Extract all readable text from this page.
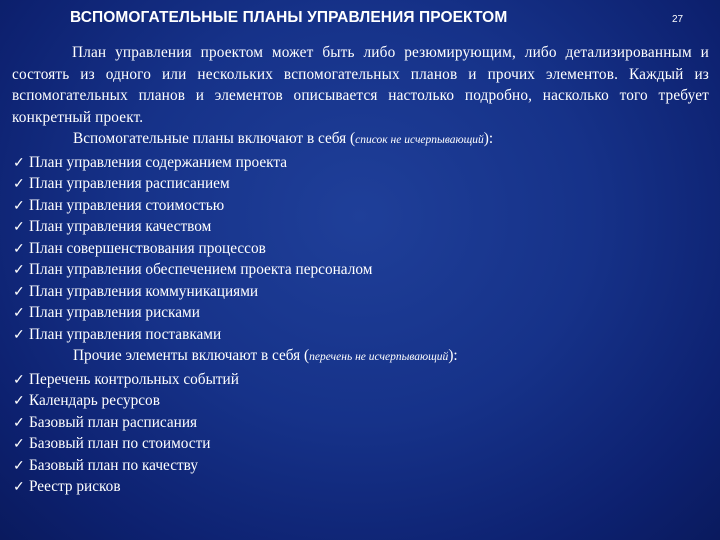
ВСПОМОГАТЕЛЬНЫЕ ПЛАНЫ УПРАВЛЕНИЯ ПРОЕКТОМ	27

План управления проектом может быть либо резюмирующим, либо детализированным и состоять из одного или нескольких вспомогательных планов и прочих элементов. Каждый из вспомогательных планов и элементов описывается настолько подробно, насколько того требует конкретный проект.

Вспомогательные планы включают в себя (список не исчерпывающий):

✓ План управления содержанием проекта
✓ План управления расписанием
✓ План управления стоимостью
✓ План управления качеством
✓ План совершенствования процессов
✓ План управления обеспечением проекта персоналом
✓ План управления коммуникациями
✓ План управления рисками
✓ План управления поставками

Прочие элементы включают в себя (перечень не исчерпывающий):

✓ Перечень контрольных событий
✓ Календарь ресурсов
✓ Базовый план расписания
✓ Базовый план по стоимости
✓ Базовый план по качеству
✓ Реестр рисков
